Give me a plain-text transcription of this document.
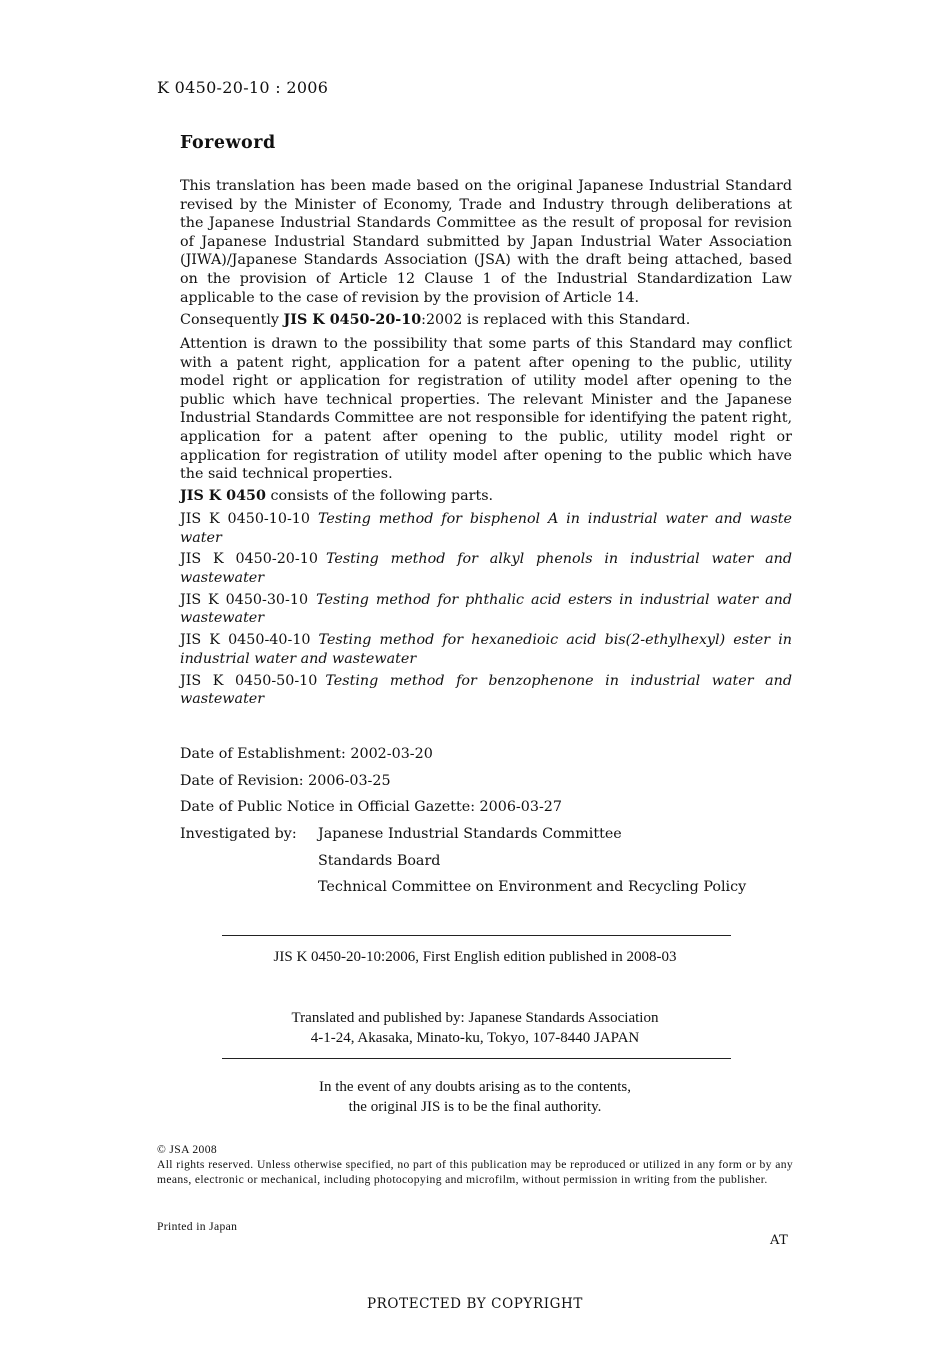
K 0450-20-10 : 2006
Foreword
This translation has been made based on the original Japanese Industrial Standard revised by the Minister of Economy, Trade and Industry through deliberations at the Japanese Industrial Standards Committee as the result of proposal for revision of Japanese Industrial Standard submitted by Japan Industrial Water Association (JIWA)/Japanese Standards Association (JSA) with the draft being attached, based on the provision of Article 12 Clause 1 of the Industrial Standardization Law applicable to the case of revision by the provision of Article 14.
Consequently JIS K 0450-20-10:2002 is replaced with this Standard.
Attention is drawn to the possibility that some parts of this Standard may conflict with a patent right, application for a patent after opening to the public, utility model right or application for registration of utility model after opening to the public which have technical properties. The relevant Minister and the Japanese Industrial Standards Committee are not responsible for identifying the patent right, application for a patent after opening to the public, utility model right or application for registration of utility model after opening to the public which have the said technical properties.
JIS K 0450 consists of the following parts.
JIS K 0450-10-10 Testing method for bisphenol A in industrial water and waste water
JIS K 0450-20-10 Testing method for alkyl phenols in industrial water and wastewater
JIS K 0450-30-10 Testing method for phthalic acid esters in industrial water and wastewater
JIS K 0450-40-10 Testing method for hexanedioic acid bis(2-ethylhexyl) ester in industrial water and wastewater
JIS K 0450-50-10 Testing method for benzophenone in industrial water and wastewater
Date of Establishment: 2002-03-20
Date of Revision: 2006-03-25
Date of Public Notice in Official Gazette: 2006-03-27
Investigated by: Japanese Industrial Standards Committee
Standards Board
Technical Committee on Environment and Recycling Policy
JIS K 0450-20-10:2006, First English edition published in 2008-03
Translated and published by: Japanese Standards Association
4-1-24, Akasaka, Minato-ku, Tokyo, 107-8440 JAPAN
In the event of any doubts arising as to the contents,
the original JIS is to be the final authority.
© JSA 2008
All rights reserved. Unless otherwise specified, no part of this publication may be reproduced or utilized in any form or by any means, electronic or mechanical, including photocopying and microfilm, without permission in writing from the publisher.
Printed in Japan
AT
PROTECTED BY COPYRIGHT
